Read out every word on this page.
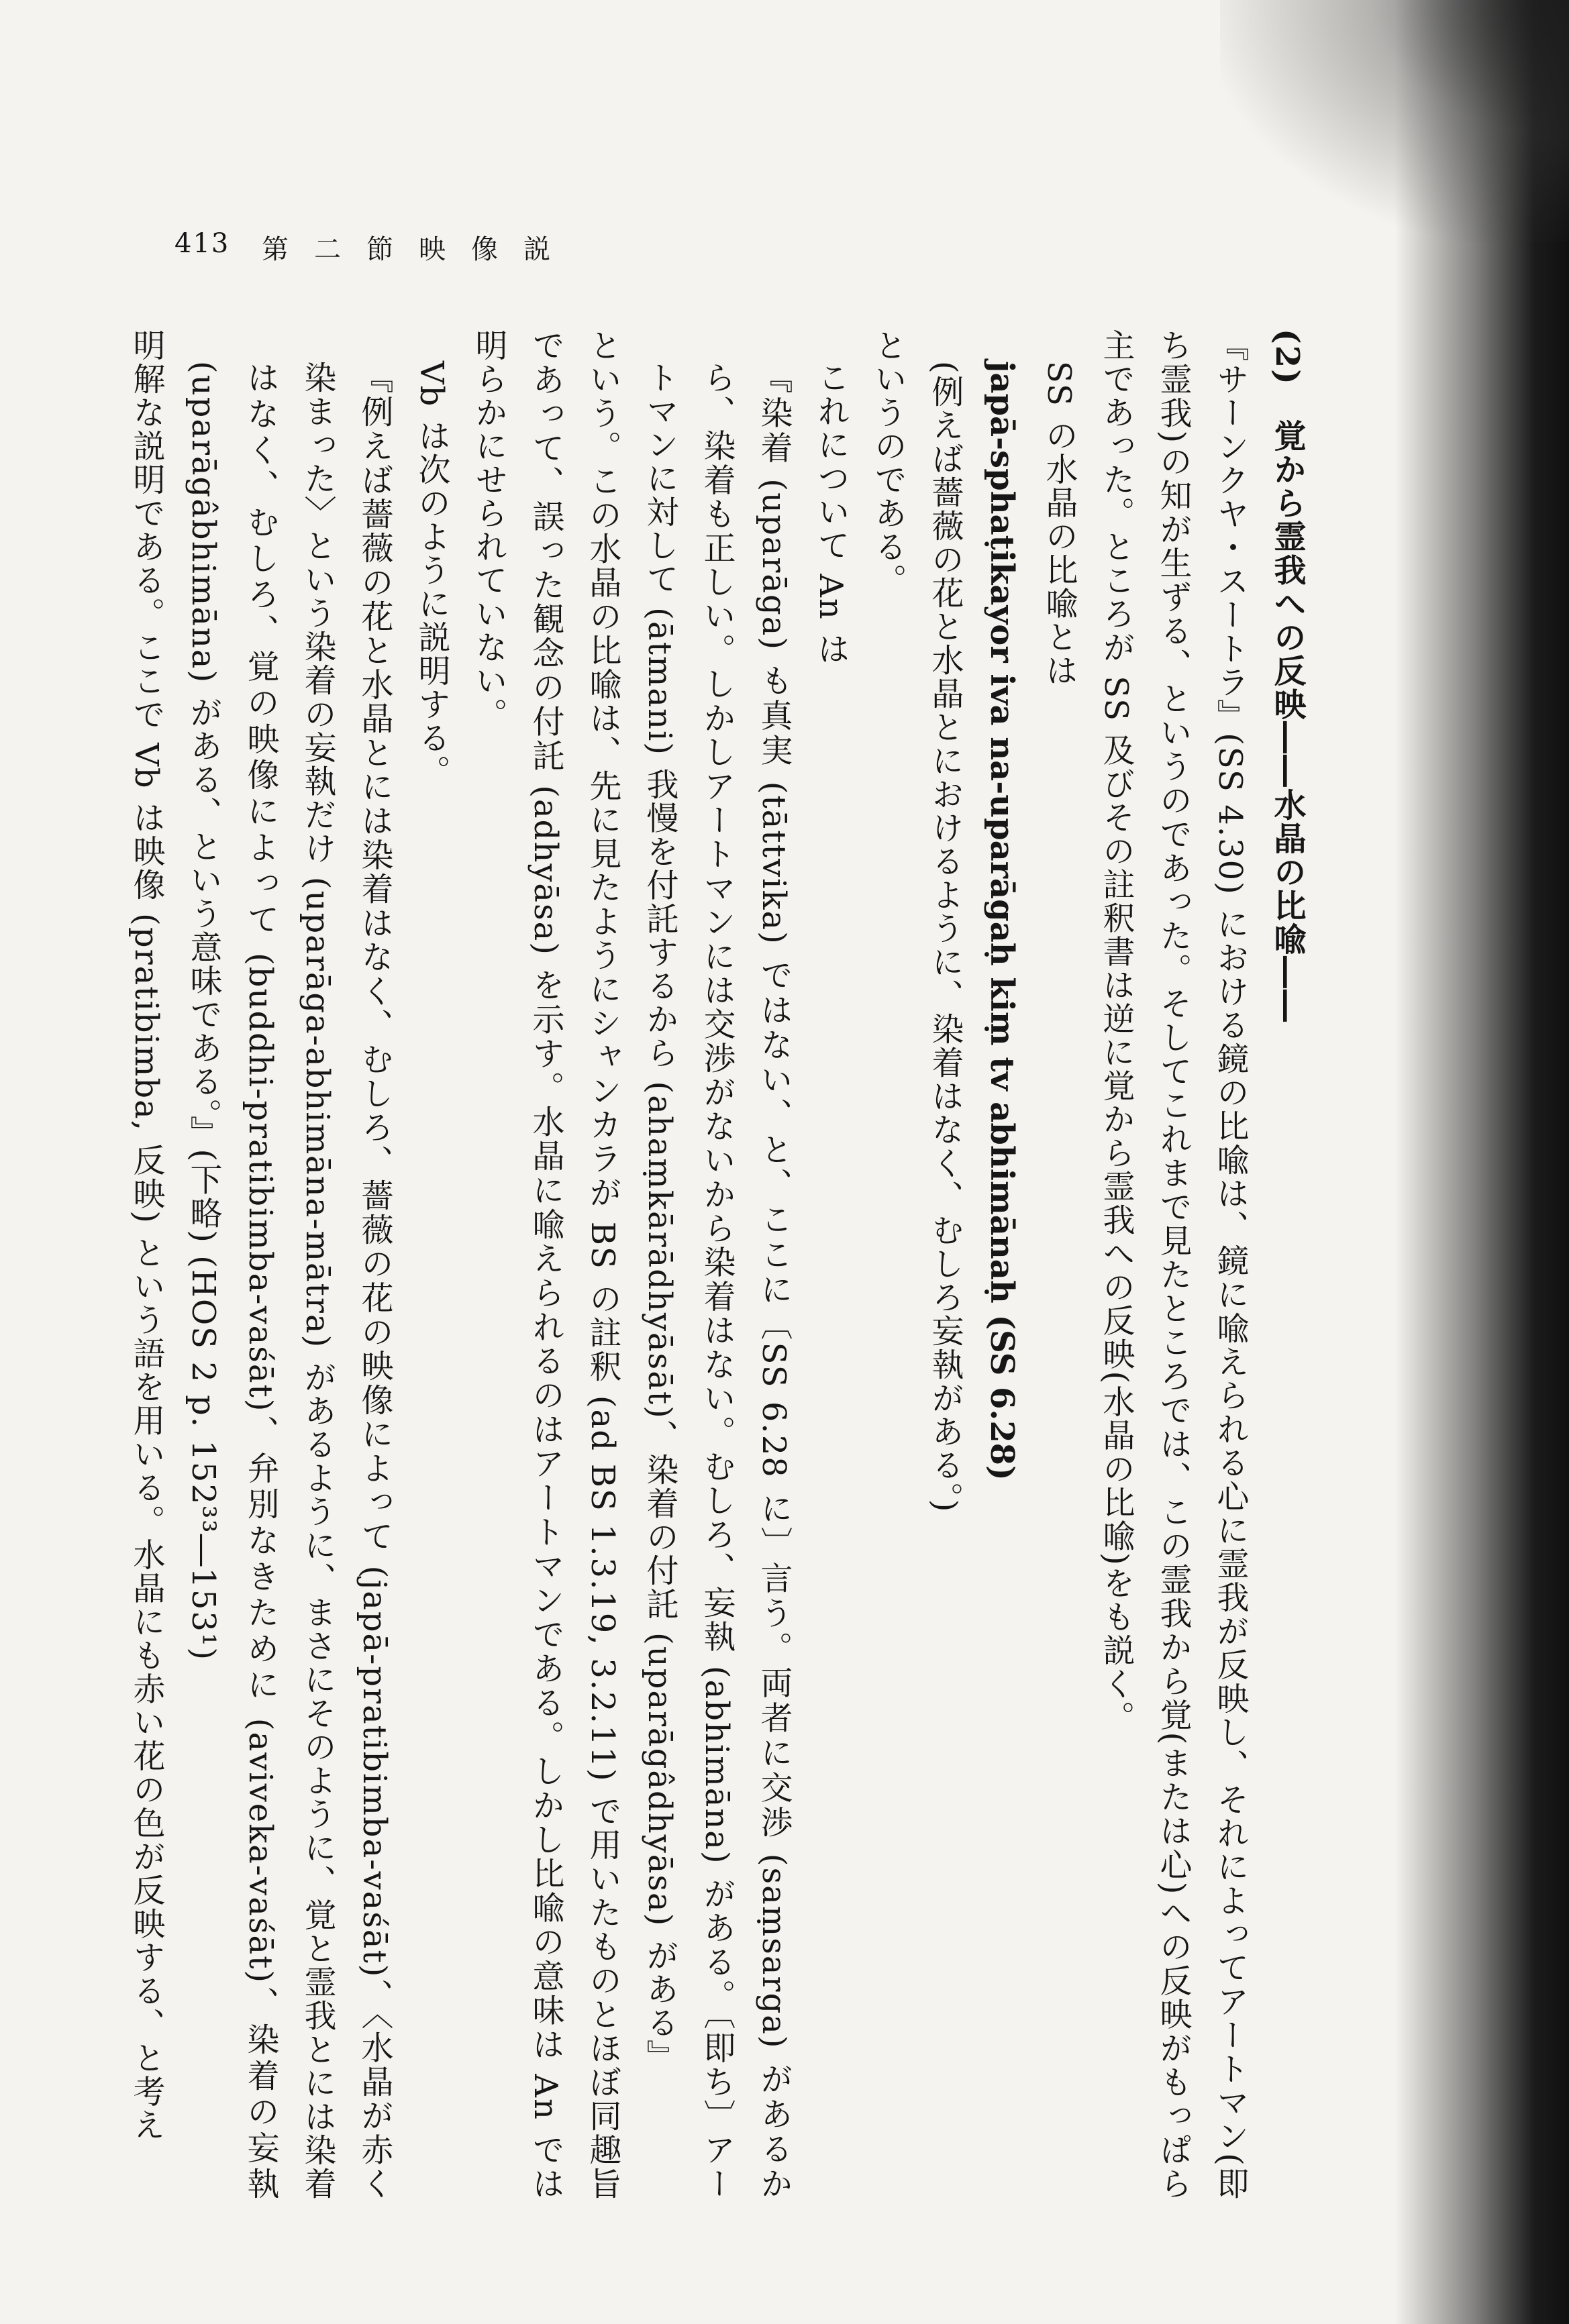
413 第二節映像説

(2)　覚から霊我への反映――水晶の比喩――

『サーンクヤ・スートラ』(SS 4.30) における鏡の比喩は、鏡に喩えられる心に霊我が反映し、それによってアートマン(即ち霊我)の知が生ずる、というのであった。そしてこれまで見たところでは、この霊我から覚(または心)への反映がもっぱら主であった。ところが SS 及びその註釈書は逆に覚から霊我への反映(水晶の比喩)をも説く。

SS の水晶の比喩とは

japā-sphaṭikayor iva na-uparāgaḥ kiṃ tv abhimānaḥ (SS 6.28)

(例えば薔薇の花と水晶とにおけるように、染着はなく、むしろ妄執がある。)

というのである。

これについて An は

『染着 (uparāga) も真実 (tāttvika) ではない、と、ここに〔SS 6.28 に〕言う。両者に交渉 (saṃsarga) があるから、染着も正しい。しかしアートマンには交渉がないから染着はない。むしろ、妄執 (abhimāna) がある。〔即ち〕アートマンに対して (ātmani) 我慢を付託するから (ahaṃkārādhyāsāt)、染着の付託 (uparāgâdhyāsa) がある』

という。この水晶の比喩は、先に見たようにシャンカラが BS の註釈 (ad BS 1.3.19, 3.2.11) で用いたものとほぼ同趣旨であって、誤った観念の付託 (adhyāsa) を示す。水晶に喩えられるのはアートマンである。しかし比喩の意味は An では明らかにせられていない。

Vb は次のように説明する。

『例えば薔薇の花と水晶とには染着はなく、むしろ、薔薇の花の映像によって (japā-pratibimba-vaśāt)、〈水晶が赤く染まった〉という染着の妄執だけ (uparāga-abhimāna-mātra) があるように、まさにそのように、覚と霊我とには染着はなく、むしろ、覚の映像によって (buddhi-pratibimba-vaśāt)、弁別なきために (aviveka-vaśāt)、染着の妄執 (uparāgâbhimāna) がある、という意味である。』(下略) (HOS 2 p. 152³³―153¹)

明解な説明である。ここで Vb は映像 (pratibimba, 反映) という語を用いる。水晶にも赤い花の色が反映する、と考え
